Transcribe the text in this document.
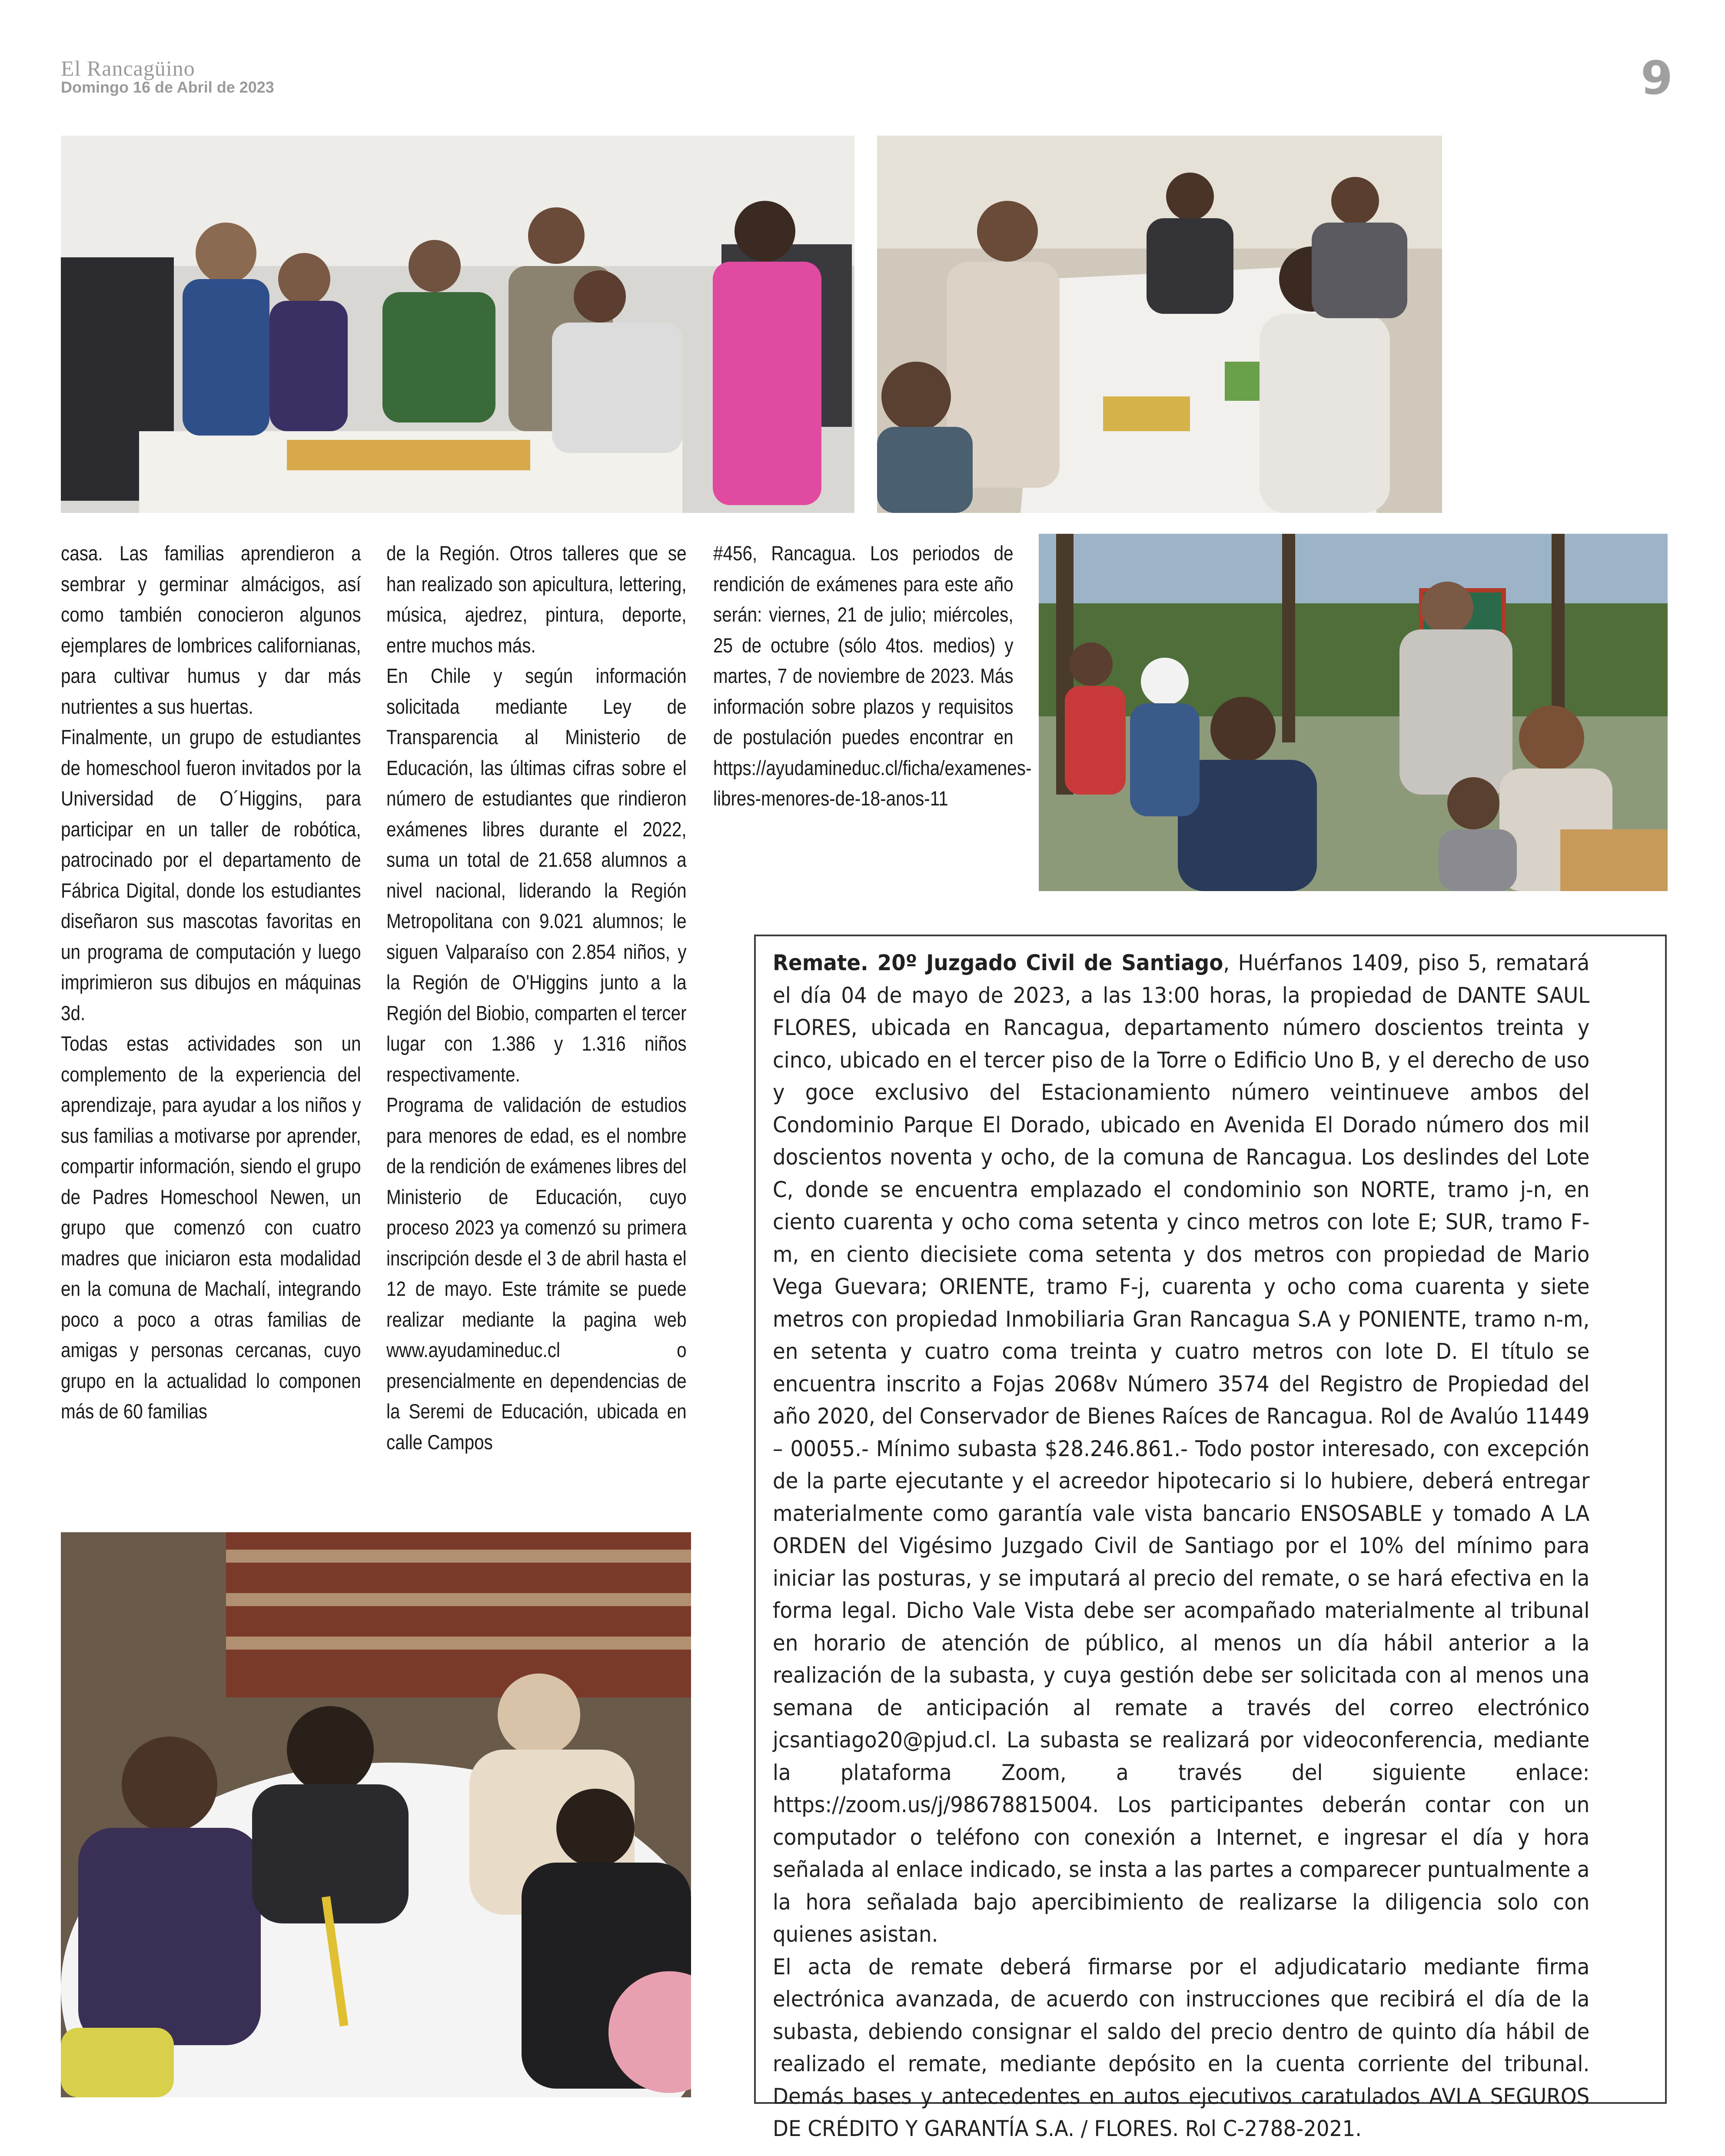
El Rancagüino
Domingo 16 de Abril de 2023	9

casa. Las familias aprendieron a sembrar y germinar almácigos, así como también conocieron algunos ejemplares de lombrices californianas, para cultivar humus y dar más nutrientes a sus huertas.

Finalmente, un grupo de estudiantes de homeschool fueron invitados por la Universidad de O´Higgins, para participar en un taller de robótica, patrocinado por el departamento de Fábrica Digital, donde los estudiantes diseñaron sus mascotas favoritas en un programa de computación y luego imprimieron sus dibujos en máquinas 3d.

Todas estas actividades son un complemento de la experiencia del aprendizaje, para ayudar a los niños y sus familias a motivarse por aprender, compartir información, siendo el grupo de Padres Homeschool Newen, un grupo que comenzó con cuatro madres que iniciaron esta modalidad en la comuna de Machalí, integrando poco a poco a otras familias de amigas y personas cercanas, cuyo grupo en la actualidad lo componen más de 60 familias

de la Región. Otros talleres que se han realizado son apicultura, lettering, música, ajedrez, pintura, deporte, entre muchos más.

En Chile y según información solicitada mediante Ley de Transparencia al Ministerio de Educación, las últimas cifras sobre el número de estudiantes que rindieron exámenes libres durante el 2022, suma un total de 21.658 alumnos a nivel nacional, liderando la Región Metropolitana con 9.021 alumnos; le siguen Valparaíso con 2.854 niños, y la Región de O'Higgins junto a la Región del Biobio, comparten el tercer lugar con 1.386 y 1.316 niños respectivamente.

Programa de validación de estudios para menores de edad, es el nombre de la rendición de exámenes libres del Ministerio de Educación, cuyo proceso 2023 ya comenzó su primera inscripción desde el 3 de abril hasta el 12 de mayo. Este trámite se puede realizar mediante la pagina web www.ayudamineduc.cl o presencialmente en dependencias de la Seremi de Educación, ubicada en calle Campos

#456, Rancagua. Los periodos de rendición de exámenes para este año serán: viernes, 21 de julio; miércoles, 25 de octubre (sólo 4tos. medios) y martes, 7 de noviembre de 2023. Más información sobre plazos y requisitos de postulación puedes encontrar en https://ayudamineduc.cl/ficha/examenes-libres-menores-de-18-anos-11

Remate. 20º Juzgado Civil de Santiago, Huérfanos 1409, piso 5, rematará el día 04 de mayo de 2023, a las 13:00 horas, la propiedad de DANTE SAUL FLORES, ubicada en Rancagua, departamento número doscientos treinta y cinco, ubicado en el tercer piso de la Torre o Edificio Uno B, y el derecho de uso y goce exclusivo del Estacionamiento número veintinueve ambos del Condominio Parque El Dorado, ubicado en Avenida El Dorado número dos mil doscientos noventa y ocho, de la comuna de Rancagua. Los deslindes del Lote C, donde se encuentra emplazado el condominio son NORTE, tramo j-n, en ciento cuarenta y ocho coma setenta y cinco metros con lote E; SUR, tramo F-m, en ciento diecisiete coma setenta y dos metros con propiedad de Mario Vega Guevara; ORIENTE, tramo F-j, cuarenta y ocho coma cuarenta y siete metros con propiedad Inmobiliaria Gran Rancagua S.A y PONIENTE, tramo n-m, en setenta y cuatro coma treinta y cuatro metros con lote D. El título se encuentra inscrito a Fojas 2068v Número 3574 del Registro de Propiedad del año 2020, del Conservador de Bienes Raíces de Rancagua. Rol de Avalúo 11449 – 00055.- Mínimo subasta $28.246.861.- Todo postor interesado, con excepción de la parte ejecutante y el acreedor hipotecario si lo hubiere, deberá entregar materialmente como garantía vale vista bancario ENSOSABLE y tomado A LA ORDEN del Vigésimo Juzgado Civil de Santiago por el 10% del mínimo para iniciar las posturas, y se imputará al precio del remate, o se hará efectiva en la forma legal. Dicho Vale Vista debe ser acompañado materialmente al tribunal en horario de atención de público, al menos un día hábil anterior a la realización de la subasta, y cuya gestión debe ser solicitada con al menos una semana de anticipación al remate a través del correo electrónico jcsantiago20@pjud.cl. La subasta se realizará por videoconferencia, mediante la plataforma Zoom, a través del siguiente enlace: https://zoom.us/j/98678815004. Los participantes deberán contar con un computador o teléfono con conexión a Internet, e ingresar el día y hora señalada al enlace indicado, se insta a las partes a comparecer puntualmente a la hora señalada bajo apercibimiento de realizarse la diligencia solo con quienes asistan.

El acta de remate deberá firmarse por el adjudicatario mediante firma electrónica avanzada, de acuerdo con instrucciones que recibirá el día de la subasta, debiendo consignar el saldo del precio dentro de quinto día hábil de realizado el remate, mediante depósito en la cuenta corriente del tribunal. Demás bases y antecedentes en autos ejecutivos caratulados AVLA SEGUROS DE CRÉDITO Y GARANTÍA S.A. / FLORES. Rol C-2788-2021.
